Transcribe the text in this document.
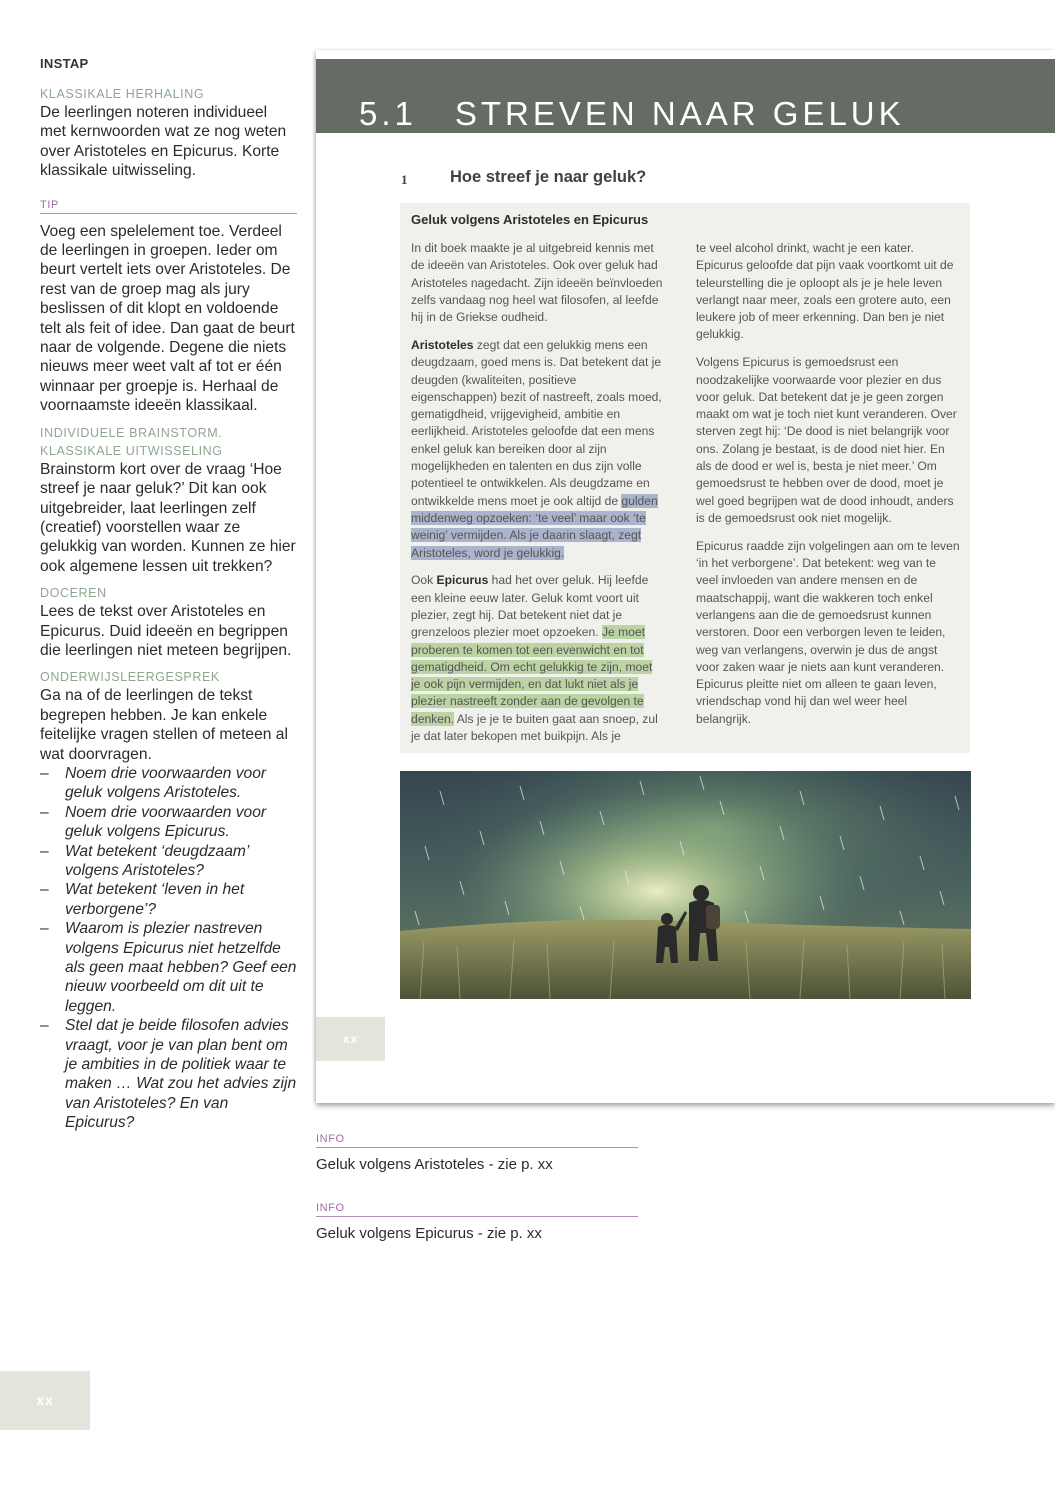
INSTAP
KLASSIKALE HERHALING
De leerlingen noteren individueel met kernwoorden wat ze nog weten over Aristoteles en Epicurus. Korte klassikale uitwisseling.
TIP
Voeg een spelelement toe. Verdeel de leerlingen in groepen. Ieder om beurt vertelt iets over Aristoteles. De rest van de groep mag als jury beslissen of dit klopt en voldoende telt als feit of idee. Dan gaat de beurt naar de volgende. Degene die niets nieuws meer weet valt af tot er één winnaar per groepje is. Herhaal de voornaamste ideeën klassikaal.
INDIVIDUELE BRAINSTORM.
KLASSIKALE UITWISSELING
Brainstorm kort over de vraag ‘Hoe streef je naar geluk?’ Dit kan ook uitgebreider, laat leerlingen zelf (creatief) voorstellen waar ze gelukkig van worden. Kunnen ze hier ook algemene lessen uit trekken?
DOCEREN
Lees de tekst over Aristoteles en Epicurus. Duid ideeën en begrippen die leerlingen niet meteen begrijpen.
ONDERWIJSLEERGESPREK
Ga na of de leerlingen de tekst begrepen hebben. Je kan enkele feitelijke vragen stellen of meteen al wat doorvragen.
– Noem drie voorwaarden voor geluk volgens Aristoteles.
– Noem drie voorwaarden voor geluk volgens Epicurus.
– Wat betekent ‘deugdzaam’ volgens Aristoteles?
– Wat betekent ‘leven in het verborgene’?
– Waarom is plezier nastreven volgens Epicurus niet hetzelfde als geen maat hebben? Geef een nieuw voorbeeld om dit uit te leggen.
– Stel dat je beide filosofen advies vraagt, voor je van plan bent om je ambities in de politiek waar te maken … Wat zou het advies zijn van Aristoteles? En van Epicurus?
xx
5.1 STREVEN NAAR GELUK
1	Hoe streef je naar geluk?
Geluk volgens Aristoteles en Epicurus

In dit boek maakte je al uitgebreid kennis met de ideeën van Aristoteles. Ook over geluk had Aristoteles nagedacht. Zijn ideeën beïnvloeden zelfs vandaag nog heel wat filosofen, al leefde hij in de Griekse oudheid.

Aristoteles zegt dat een gelukkig mens een deugdzaam, goed mens is. Dat betekent dat je deugden (kwaliteiten, positieve eigenschappen) bezit of nastreeft, zoals moed, gematigdheid, vrijgevigheid, ambitie en eerlijkheid. Aristoteles geloofde dat een mens enkel geluk kan bereiken door al zijn mogelijkheden en talenten en dus zijn volle potentieel te ontwikkelen. Als deugdzame en ontwikkelde mens moet je ook altijd de gulden middenweg opzoeken: ‘te veel’ maar ook ‘te weinig’ vermijden. Als je daarin slaagt, zegt Aristoteles, word je gelukkig.

Ook Epicurus had het over geluk. Hij leefde een kleine eeuw later. Geluk komt voort uit plezier, zegt hij. Dat betekent niet dat je grenzeloos plezier moet opzoeken. Je moet proberen te komen tot een evenwicht en tot gematigdheid. Om echt gelukkig te zijn, moet je ook pijn vermijden, en dat lukt niet als je plezier nastreeft zonder aan de gevolgen te denken. Als je je te buiten gaat aan snoep, zul je dat later bekopen met buikpijn. Als je

te veel alcohol drinkt, wacht je een kater. Epicurus geloofde dat pijn vaak voortkomt uit de teleurstelling die je oploopt als je je hele leven verlangt naar meer, zoals een grotere auto, een leukere job of meer erkenning. Dan ben je niet gelukkig.

Volgens Epicurus is gemoedsrust een noodzakelijke voorwaarde voor plezier en dus voor geluk. Dat betekent dat je je geen zorgen maakt om wat je toch niet kunt veranderen. Over sterven zegt hij: ‘De dood is niet belangrijk voor ons. Zolang je bestaat, is de dood niet hier. En als de dood er wel is, besta je niet meer.’ Om gemoedsrust te hebben over de dood, moet je wel goed begrijpen wat de dood inhoudt, anders is de gemoedsrust ook niet mogelijk.

Epicurus raadde zijn volgelingen aan om te leven ‘in het verborgene’. Dat betekent: weg van te veel invloeden van andere mensen en de maatschappij, want die wakkeren toch enkel verlangens aan die de gemoedsrust kunnen verstoren. Door een verborgen leven te leiden, weg van verlangens, overwin je dus de angst voor zaken waar je niets aan kunt veranderen. Epicurus pleitte niet om alleen te gaan leven, vriendschap vond hij dan wel weer heel belangrijk.

xx
INFO
Geluk volgens Aristoteles - zie p. xx
INFO
Geluk volgens Epicurus - zie p. xx
